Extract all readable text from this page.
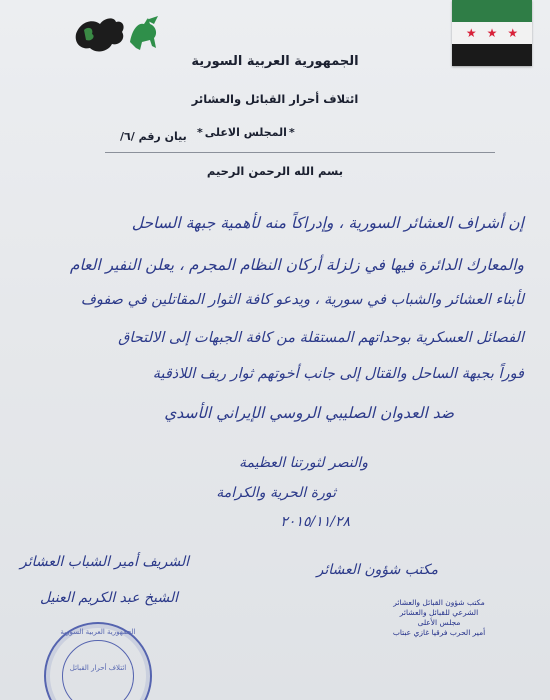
★ ★ ★
الجمهورية العربية السورية
ائتلاف أحرار القبائل والعشائر
*المجلس الاعلى*
بيان رقم /٦/
بسم الله الرحمن الرحيم
إن أشراف العشائر السورية ، وإدراكاً منه لأهمية جبهة الساحل
والمعارك الدائرة فيها في زلزلة أركان النظام المجرم ، يعلن النفير العام
لأبناء العشائر والشباب في سورية ، ويدعو كافة الثوار المقاتلين في صفوف
الفصائل العسكرية بوحداتهم المستقلة من كافة الجبهات إلى الالتحاق
فوراً بجبهة الساحل والقتال إلى جانب أخوتهم ثوار ريف اللاذقية
ضد العدوان الصليبي الروسي الإيراني الأسدي
والنصر لثورتنا العظيمة
ثورة الحرية والكرامة
٢٠١٥/١١/٢٨
الشريف أمير الشباب العشائر
الشيخ عبد الكريم العنيل
مكتب شؤون العشائر
مكتب شؤون القبائل والعشائر
الشرعي للقبائل والعشائر
مجلس الأعلى
أمير الحرب فرقيا غازي عبتاب
الجمهورية العربية السورية
ائتلاف أحرار القبائل
